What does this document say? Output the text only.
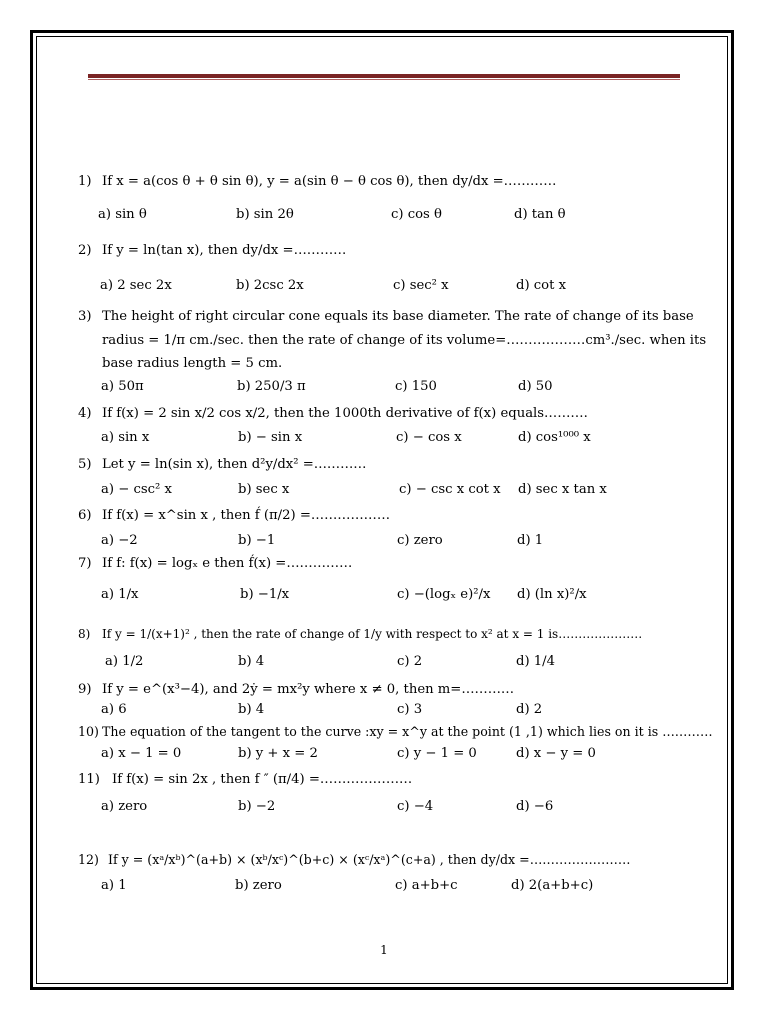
1) If x = a(cos θ + θ sin θ), y = a(sin θ − θ cos θ), then dy/dx =…………
a) sin θ	b) sin 2θ	c) cos θ	d) tan θ
2) If y = ln(tan x), then dy/dx =…………
a) 2 sec 2x	b) 2csc 2x	c) sec² x	d) cot x
3) The height of right circular cone equals its base diameter. The rate of change of its base
radius = 1/π cm./sec. then the rate of change of its volume=………………cm³./sec. when its
base radius length = 5 cm.
a) 50π	b) 250/3 π	c) 150	d) 50
4) If f(x) = 2 sin x/2 cos x/2, then the 1000th derivative of f(x) equals……….
a) sin x	b) − sin x	c) − cos x	d) cos¹⁰⁰⁰ x
5) Let y = ln(sin x), then d²y/dx² =…………
a) − csc² x	b) sec x	c) − csc x cot x d) sec x tan x
6) If f(x) = x^sin x , then f́ (π/2) =………………
a) −2	b) −1	c) zero	d) 1
7) If f: f(x) = logₓ e then f́(x) =……………
a) 1/x	b) −1/x	c) −(logₓ e)²/x d) (ln x)²/x
8) If y = 1/(x+1)² , then the rate of change of 1/y with respect to x² at x = 1 is…………………
a) 1/2	b) 4	c) 2	d) 1/4
9) If y = e^(x³−4), and 2ẏ = mx²y where x ≠ 0, then m=…………
a) 6	b) 4	c) 3	d) 2
10) The equation of the tangent to the curve :xy = x^y at the point (1 ,1) which lies on it is …………
a) x − 1 = 0	b) y + x = 2	c) y − 1 = 0	d) x − y = 0
11) If f(x) = sin 2x , then f ″ (π/4) =…………………
a) zero	b) −2	c) −4	d) −6
12) If y = (xᵃ/xᵇ)^(a+b) × (xᵇ/xᶜ)^(b+c) × (xᶜ/xᵃ)^(c+a) , then dy/dx =……………………
a) 1	b) zero	c) a+b+c	d) 2(a+b+c)
1
